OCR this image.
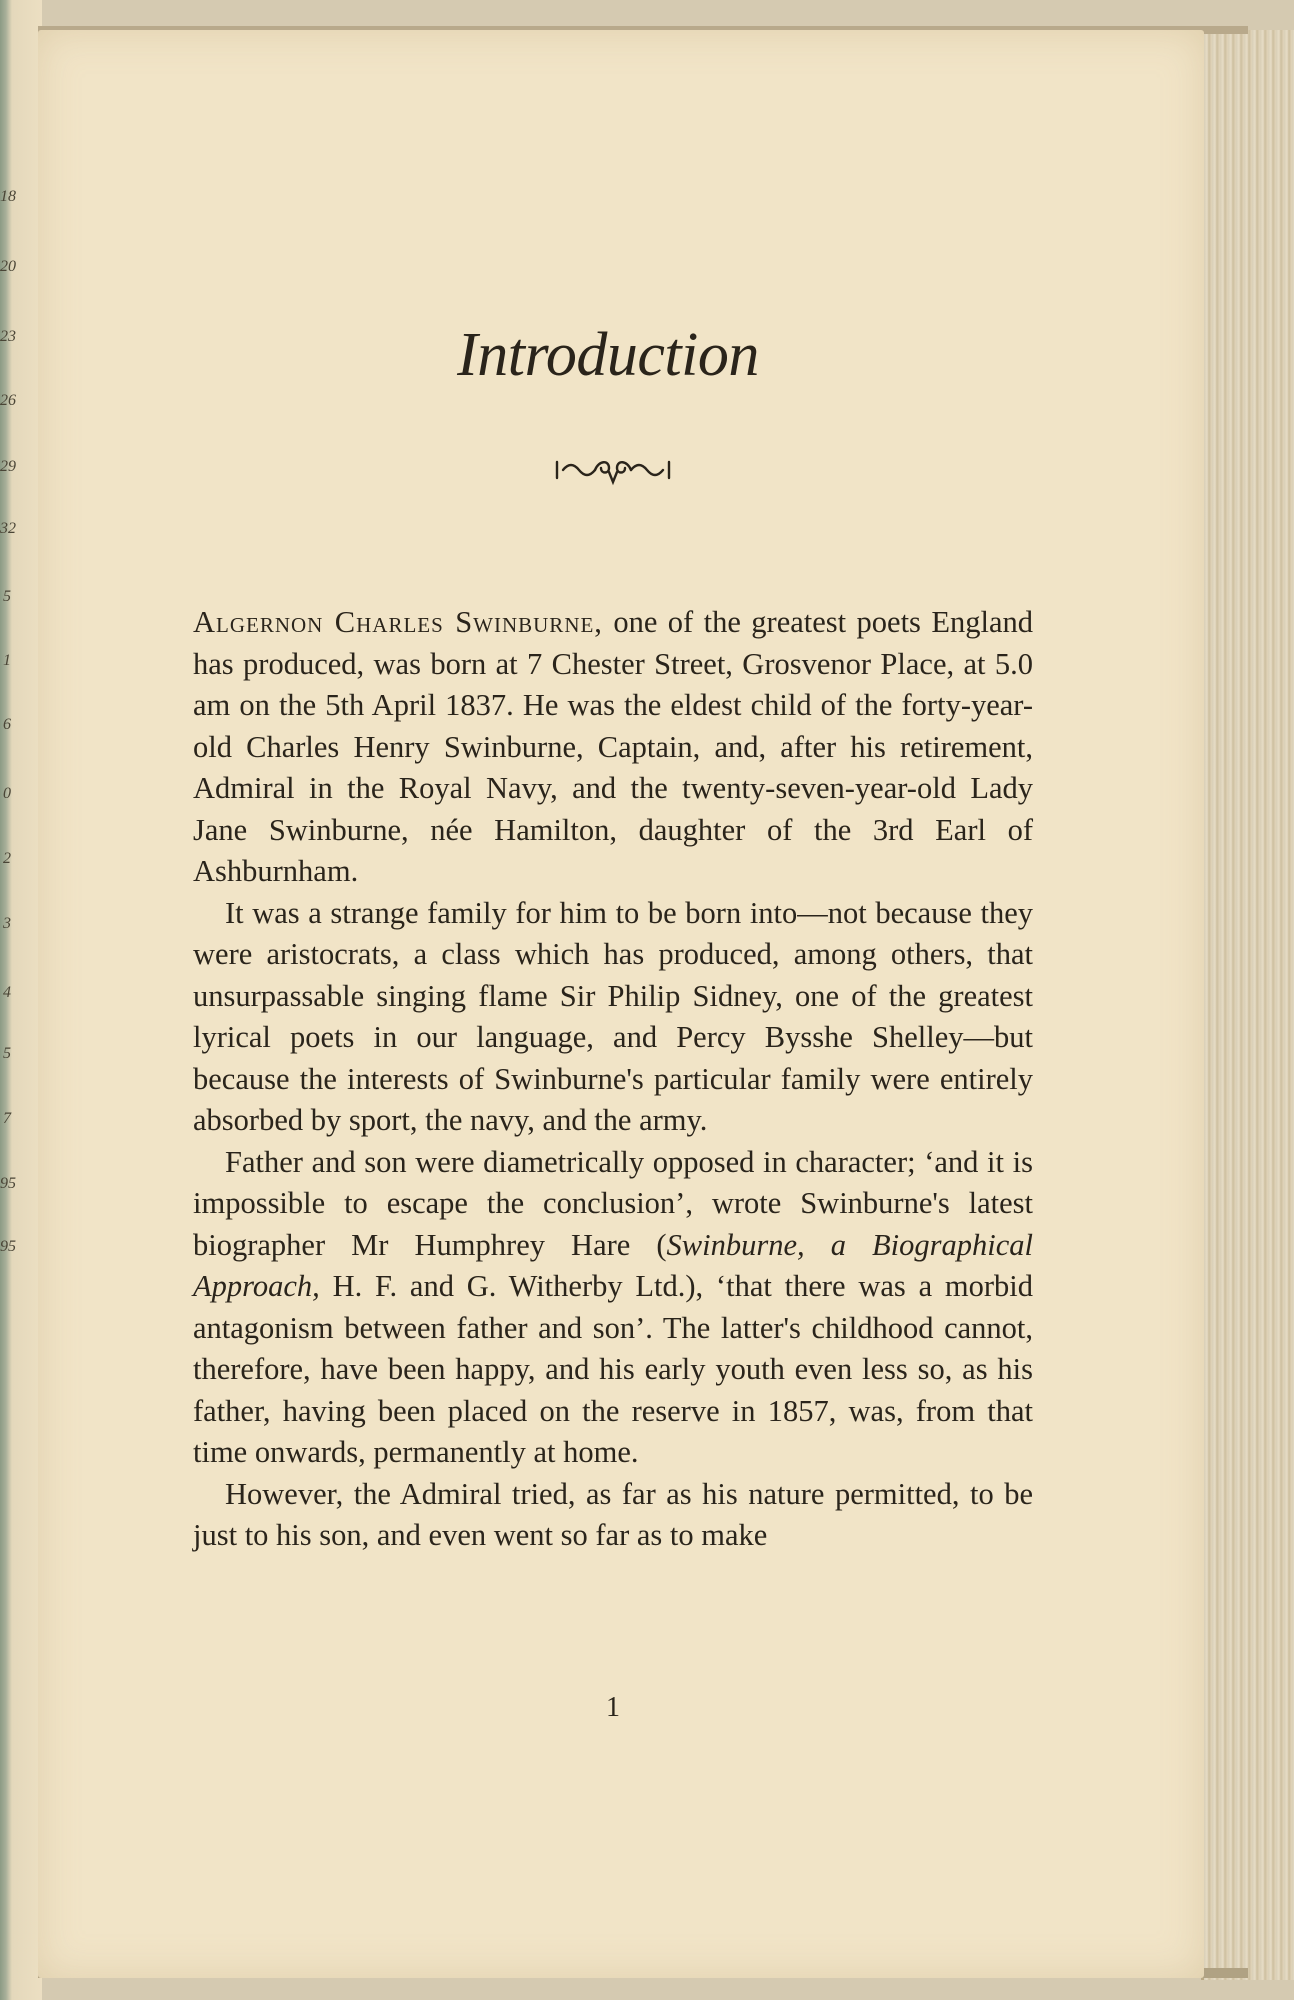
18
20
23
26
29
32
5
1
6
0
2
3
4
5
7
95
95
Introduction

Algernon Charles Swinburne, one of the greatest poets England has produced, was born at 7 Chester Street, Grosvenor Place, at 5.0 am on the 5th April 1837. He was the eldest child of the forty-year-old Charles Henry Swinburne, Captain, and, after his retirement, Admiral in the Royal Navy, and the twenty-seven-year-old Lady Jane Swinburne, née Hamilton, daughter of the 3rd Earl of Ashburnham.

It was a strange family for him to be born into—not because they were aristocrats, a class which has produced, among others, that unsurpassable singing flame Sir Philip Sidney, one of the greatest lyrical poets in our language, and Percy Bysshe Shelley—but because the interests of Swinburne's particular family were entirely absorbed by sport, the navy, and the army.

Father and son were diametrically opposed in character; ‘and it is impossible to escape the conclusion’, wrote Swinburne's latest biographer Mr Humphrey Hare (Swinburne, a Biographical Approach, H. F. and G. Witherby Ltd.), ‘that there was a morbid antagonism between father and son’. The latter's childhood cannot, therefore, have been happy, and his early youth even less so, as his father, having been placed on the reserve in 1857, was, from that time onwards, permanently at home.

However, the Admiral tried, as far as his nature permitted, to be just to his son, and even went so far as to make

1
